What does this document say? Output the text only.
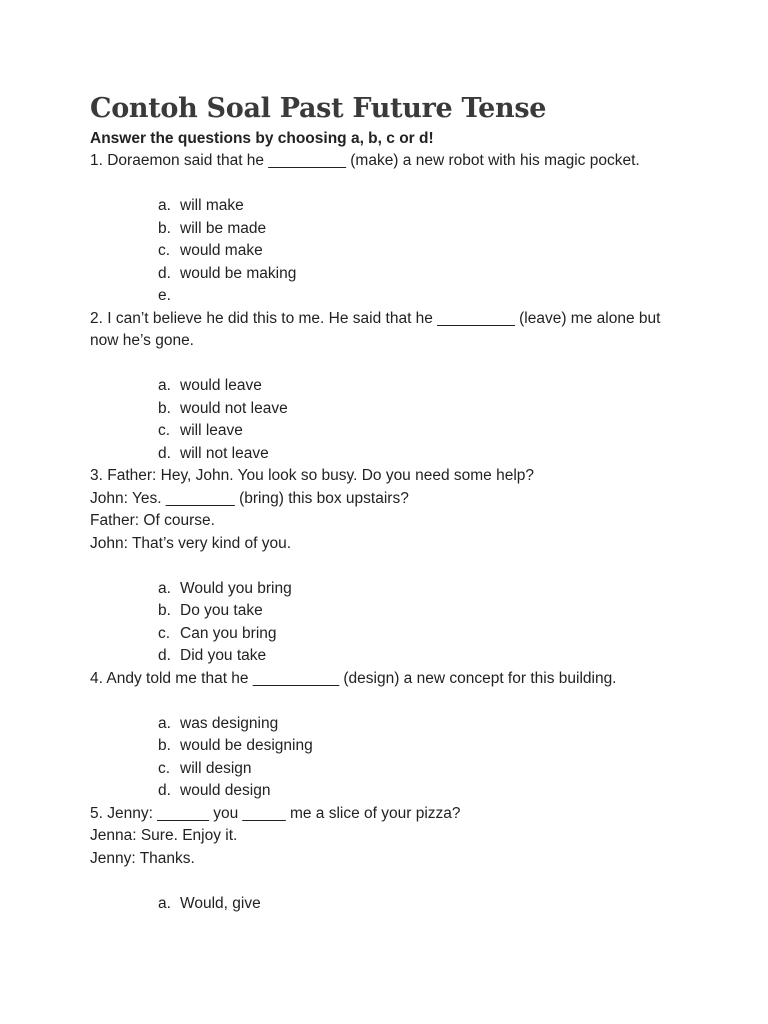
Contoh Soal Past Future Tense

Answer the questions by choosing a, b, c or d!

1. Doraemon said that he _________ (make) a new robot with his magic pocket.

a. will make
b. will be made
c. would make
d. would be making
e.

2. I can’t believe he did this to me. He said that he _________ (leave) me alone but

now he’s gone.

a. would leave
b. would not leave
c. will leave
d. will not leave

3. Father: Hey, John. You look so busy. Do you need some help?

John: Yes. ________ (bring) this box upstairs?

Father: Of course.

John: That’s very kind of you.

a. Would you bring
b. Do you take
c. Can you bring
d. Did you take

4. Andy told me that he __________ (design) a new concept for this building.

a. was designing
b. would be designing
c. will design
d. would design

5. Jenny: ______ you _____ me a slice of your pizza?

Jenna: Sure. Enjoy it.

Jenny: Thanks.

a. Would, give
